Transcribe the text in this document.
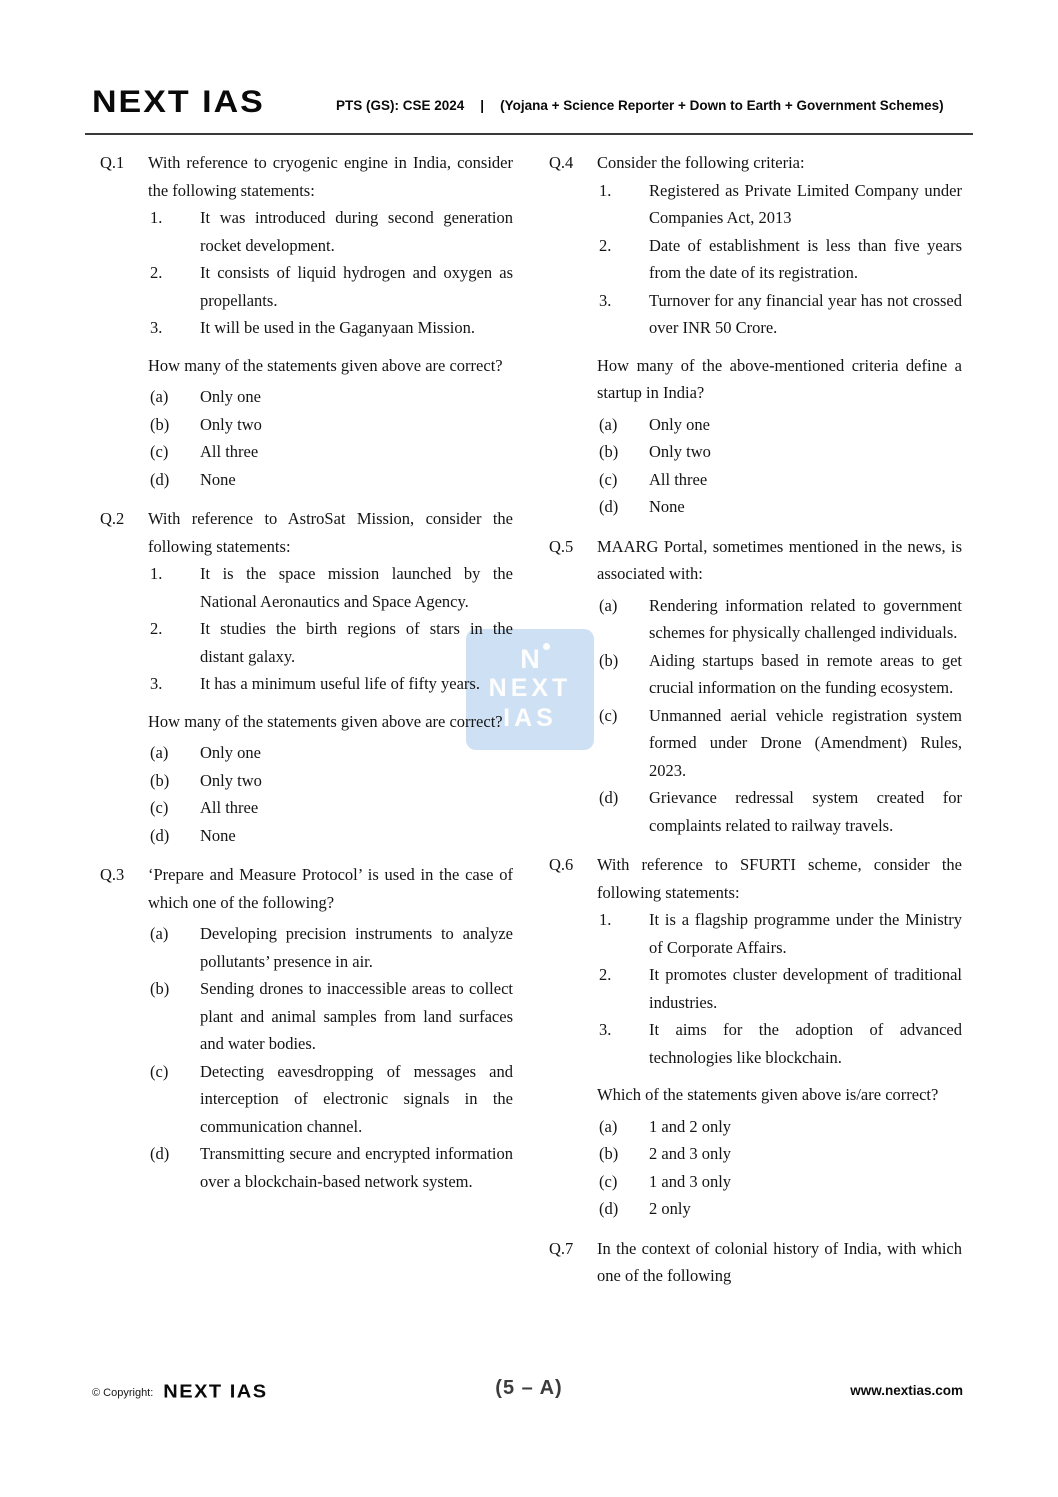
NEXT IAS	PTS (GS): CSE 2024 | (Yojana + Science Reporter + Down to Earth + Government Schemes)
N
NEXT
IAS
Q.1	With reference to cryogenic engine in India, consider the following statements:
1.	It was introduced during second generation rocket development.
2.	It consists of liquid hydrogen and oxygen as propellants.
3.	It will be used in the Gaganyaan Mission.
How many of the statements given above are correct?
(a)	Only one
(b)	Only two
(c)	All three
(d)	None
Q.2	With reference to AstroSat Mission, consider the following statements:
1.	It is the space mission launched by the National Aeronautics and Space Agency.
2.	It studies the birth regions of stars in the distant galaxy.
3.	It has a minimum useful life of fifty years.
How many of the statements given above are correct?
(a)	Only one
(b)	Only two
(c)	All three
(d)	None
Q.3	‘Prepare and Measure Protocol’ is used in the case of which one of the following?
(a)	Developing precision instruments to analyze pollutants’ presence in air.
(b)	Sending drones to inaccessible areas to collect plant and animal samples from land surfaces and water bodies.
(c)	Detecting eavesdropping of messages and interception of electronic signals in the communication channel.
(d)	Transmitting secure and encrypted information over a blockchain-based network system.
Q.4	Consider the following criteria:
1.	Registered as Private Limited Company under Companies Act, 2013
2.	Date of establishment is less than five years from the date of its registration.
3.	Turnover for any financial year has not crossed over INR 50 Crore.
How many of the above-mentioned criteria define a startup in India?
(a)	Only one
(b)	Only two
(c)	All three
(d)	None
Q.5	MAARG Portal, sometimes mentioned in the news, is associated with:
(a)	Rendering information related to government schemes for physically challenged individuals.
(b)	Aiding startups based in remote areas to get crucial information on the funding ecosystem.
(c)	Unmanned aerial vehicle registration system formed under Drone (Amendment) Rules, 2023.
(d)	Grievance redressal system created for complaints related to railway travels.
Q.6	With reference to SFURTI scheme, consider the following statements:
1.	It is a flagship programme under the Ministry of Corporate Affairs.
2.	It promotes cluster development of traditional industries.
3.	It aims for the adoption of advanced technologies like blockchain.
Which of the statements given above is/are correct?
(a)	1 and 2 only
(b)	2 and 3 only
(c)	1 and 3 only
(d)	2 only
Q.7	In the context of colonial history of India, with which one of the following
© Copyright: NEXT IAS	(5 – A)	www.nextias.com
